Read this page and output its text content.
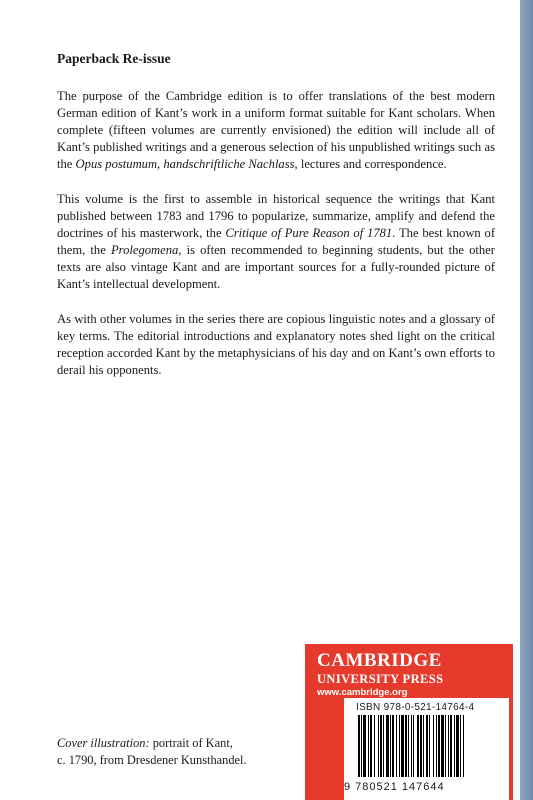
Paperback Re-issue

The purpose of the Cambridge edition is to offer translations of the best modern German edition of Kant’s work in a uniform format suitable for Kant scholars. When complete (fifteen volumes are currently envisioned) the edition will include all of Kant’s published writings and a generous selection of his unpublished writings such as the Opus postumum, handschriftliche Nachlass, lectures and correspondence.

This volume is the first to assemble in historical sequence the writings that Kant published between 1783 and 1796 to popularize, summarize, amplify and defend the doctrines of his masterwork, the Critique of Pure Reason of 1781. The best known of them, the Prolegomena, is often recommended to beginning students, but the other texts are also vintage Kant and are important sources for a fully-rounded picture of Kant’s intellectual development.

As with other volumes in the series there are copious linguistic notes and a glossary of key terms. The editorial introductions and explanatory notes shed light on the critical reception accorded Kant by the metaphysicians of his day and on Kant’s own efforts to derail his opponents.

Cover illustration: portrait of Kant,
c. 1790, from Dresdener Kunsthandel.
CAMBRIDGE
UNIVERSITY PRESS
www.cambridge.org
ISBN 978-0-521-14764-4
9 780521 147644
